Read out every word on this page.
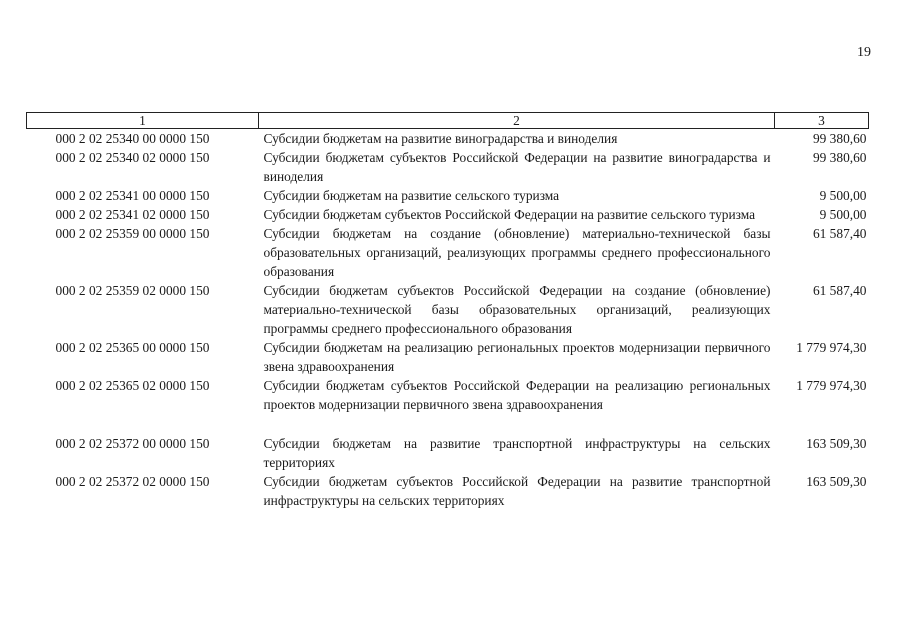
19
1	2	3
000 2 02 25340 00 0000 150	Субсидии бюджетам на развитие виноградарства и виноделия	99 380,60
000 2 02 25340 02 0000 150	Субсидии бюджетам субъектов Российской Федерации на развитие виноградарства и виноделия	99 380,60
000 2 02 25341 00 0000 150	Субсидии бюджетам на развитие сельского туризма	9 500,00
000 2 02 25341 02 0000 150	Субсидии бюджетам субъектов Российской Федерации на развитие сельского туризма	9 500,00
000 2 02 25359 00 0000 150	Субсидии бюджетам на создание (обновление) материально-технической базы образовательных организаций, реализующих программы среднего профессионального образования	61 587,40
000 2 02 25359 02 0000 150	Субсидии бюджетам субъектов Российской Федерации на создание (обновление) материально-технической базы образовательных организаций, реализующих программы среднего профессионального образования	61 587,40
000 2 02 25365 00 0000 150	Субсидии бюджетам на реализацию региональных проектов модернизации первичного звена здравоохранения	1 779 974,30
000 2 02 25365 02 0000 150	Субсидии бюджетам субъектов Российской Федерации на реализацию региональных проектов модернизации первичного звена здравоохранения	1 779 974,30
000 2 02 25372 00 0000 150	Субсидии бюджетам на развитие транспортной инфраструктуры на сельских территориях	163 509,30
000 2 02 25372 02 0000 150	Субсидии бюджетам субъектов Российской Федерации на развитие транспортной инфраструктуры на сельских территориях	163 509,30
